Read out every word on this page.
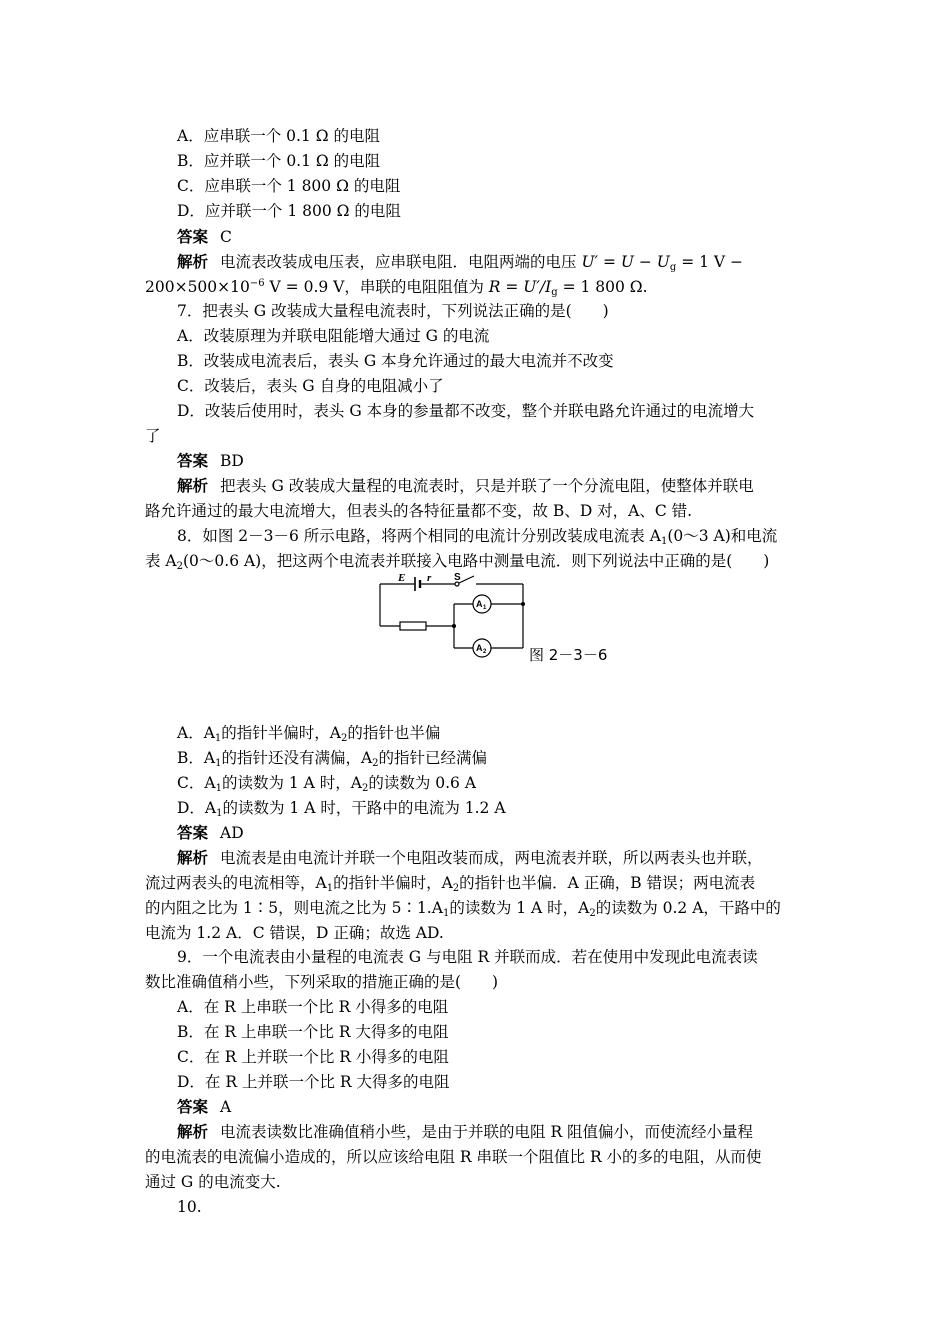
A．应串联一个 0.1 Ω 的电阻
B．应并联一个 0.1 Ω 的电阻
C．应串联一个 1 800 Ω 的电阻
D．应并联一个 1 800 Ω 的电阻
答案 C
解析 电流表改装成电压表，应串联电阻．电阻两端的电压 $U' = U - U_g = 1$ V −
$200\times 500\times 10^{-6}$ V = 0.9 V，串联的电阻阻值为 $R = U'/I_g = 1$ 800 Ω.
7．把表头 G 改装成大量程电流表时，下列说法正确的是(　　)
A．改装原理为并联电阻能增大通过 G 的电流
B．改装成电流表后，表头 G 本身允许通过的最大电流并不改变
C．改装后，表头 G 自身的电阻减小了
D．改装后使用时，表头 G 本身的参量都不改变，整个并联电路允许通过的电流增大
了
答案 BD
解析 把表头 G 改装成大量程的电流表时，只是并联了一个分流电阻，使整体并联电
路允许通过的最大电流增大，但表头的各特征量都不变，故 B、D 对，A、C 错.
8．如图 2－3－6 所示电路，将两个相同的电流计分别改装成电流表 $A_1(0\sim 3$ A)和电流
表 $A_2(0\sim 0.6$ A)，把这两个电流表并联接入电路中测量电流．则下列说法中正确的是(　　)
E r S
A 1
A 2	图 2－3－6
A．$A_1$的指针半偏时，$A_2$的指针也半偏
B．$A_1$的指针还没有满偏，$A_2$的指针已经满偏
C．$A_1$的读数为 1 A 时，$A_2$的读数为 0.6 A
D．$A_1$的读数为 1 A 时，干路中的电流为 1.2 A
答案 AD
解析 电流表是由电流计并联一个电阻改装而成，两电流表并联，所以两表头也并联，
流过两表头的电流相等，$A_1$的指针半偏时，$A_2$的指针也半偏．A 正确，B 错误；两电流表
的内阻之比为 1∶5，则电流之比为 $5∶1.A_1$的读数为 1 A 时，$A_2$的读数为 0.2 A，干路中的
电流为 1.2 A．C 错误，D 正确；故选 AD.
9．一个电流表由小量程的电流表 G 与电阻 R 并联而成．若在使用中发现此电流表读
数比准确值稍小些，下列采取的措施正确的是(　　)
A．在 R 上串联一个比 R 小得多的电阻
B．在 R 上串联一个比 R 大得多的电阻
C．在 R 上并联一个比 R 小得多的电阻
D．在 R 上并联一个比 R 大得多的电阻
答案 A
解析 电流表读数比准确值稍小些，是由于并联的电阻 R 阻值偏小，而使流经小量程
的电流表的电流偏小造成的，所以应该给电阻 R 串联一个阻值比 R 小的多的电阻，从而使
通过 G 的电流变大.
10.
